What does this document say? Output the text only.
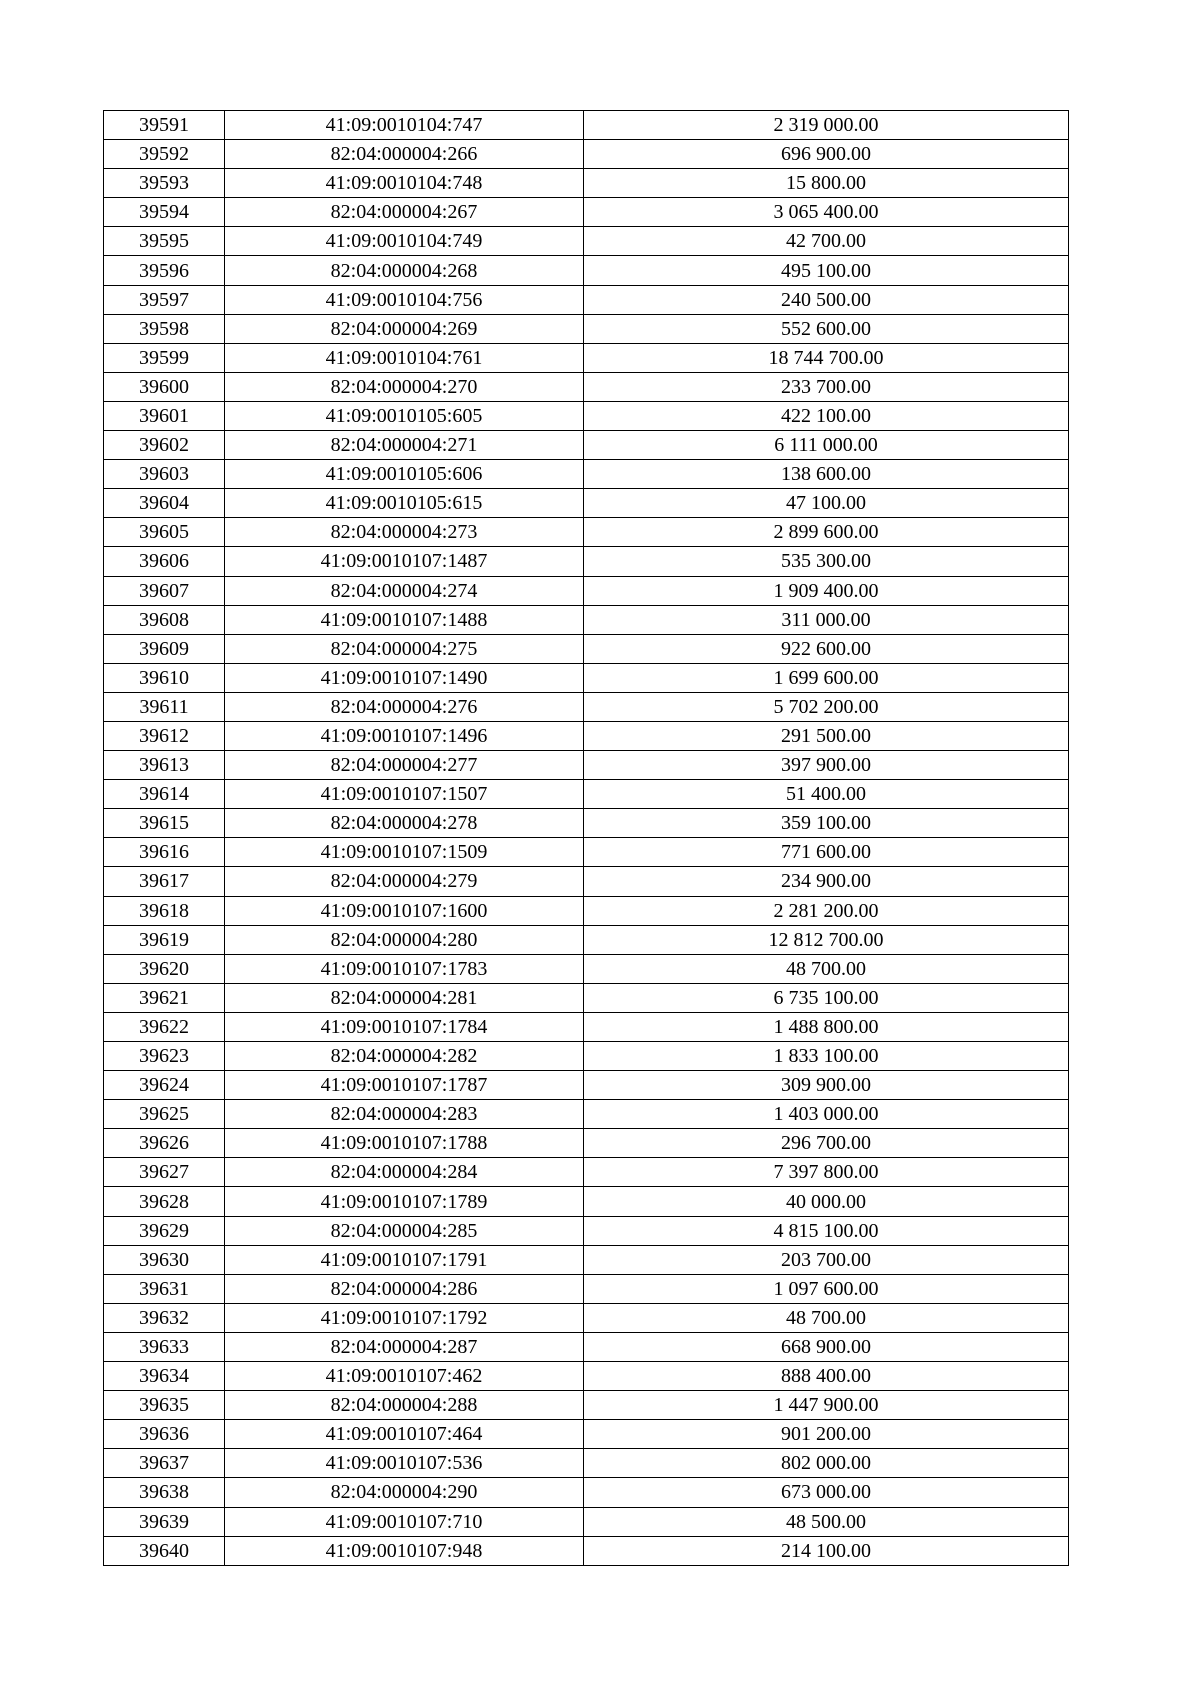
39591	41:09:0010104:747	2 319 000.00
39592	82:04:000004:266	696 900.00
39593	41:09:0010104:748	15 800.00
39594	82:04:000004:267	3 065 400.00
39595	41:09:0010104:749	42 700.00
39596	82:04:000004:268	495 100.00
39597	41:09:0010104:756	240 500.00
39598	82:04:000004:269	552 600.00
39599	41:09:0010104:761	18 744 700.00
39600	82:04:000004:270	233 700.00
39601	41:09:0010105:605	422 100.00
39602	82:04:000004:271	6 111 000.00
39603	41:09:0010105:606	138 600.00
39604	41:09:0010105:615	47 100.00
39605	82:04:000004:273	2 899 600.00
39606	41:09:0010107:1487	535 300.00
39607	82:04:000004:274	1 909 400.00
39608	41:09:0010107:1488	311 000.00
39609	82:04:000004:275	922 600.00
39610	41:09:0010107:1490	1 699 600.00
39611	82:04:000004:276	5 702 200.00
39612	41:09:0010107:1496	291 500.00
39613	82:04:000004:277	397 900.00
39614	41:09:0010107:1507	51 400.00
39615	82:04:000004:278	359 100.00
39616	41:09:0010107:1509	771 600.00
39617	82:04:000004:279	234 900.00
39618	41:09:0010107:1600	2 281 200.00
39619	82:04:000004:280	12 812 700.00
39620	41:09:0010107:1783	48 700.00
39621	82:04:000004:281	6 735 100.00
39622	41:09:0010107:1784	1 488 800.00
39623	82:04:000004:282	1 833 100.00
39624	41:09:0010107:1787	309 900.00
39625	82:04:000004:283	1 403 000.00
39626	41:09:0010107:1788	296 700.00
39627	82:04:000004:284	7 397 800.00
39628	41:09:0010107:1789	40 000.00
39629	82:04:000004:285	4 815 100.00
39630	41:09:0010107:1791	203 700.00
39631	82:04:000004:286	1 097 600.00
39632	41:09:0010107:1792	48 700.00
39633	82:04:000004:287	668 900.00
39634	41:09:0010107:462	888 400.00
39635	82:04:000004:288	1 447 900.00
39636	41:09:0010107:464	901 200.00
39637	41:09:0010107:536	802 000.00
39638	82:04:000004:290	673 000.00
39639	41:09:0010107:710	48 500.00
39640	41:09:0010107:948	214 100.00
